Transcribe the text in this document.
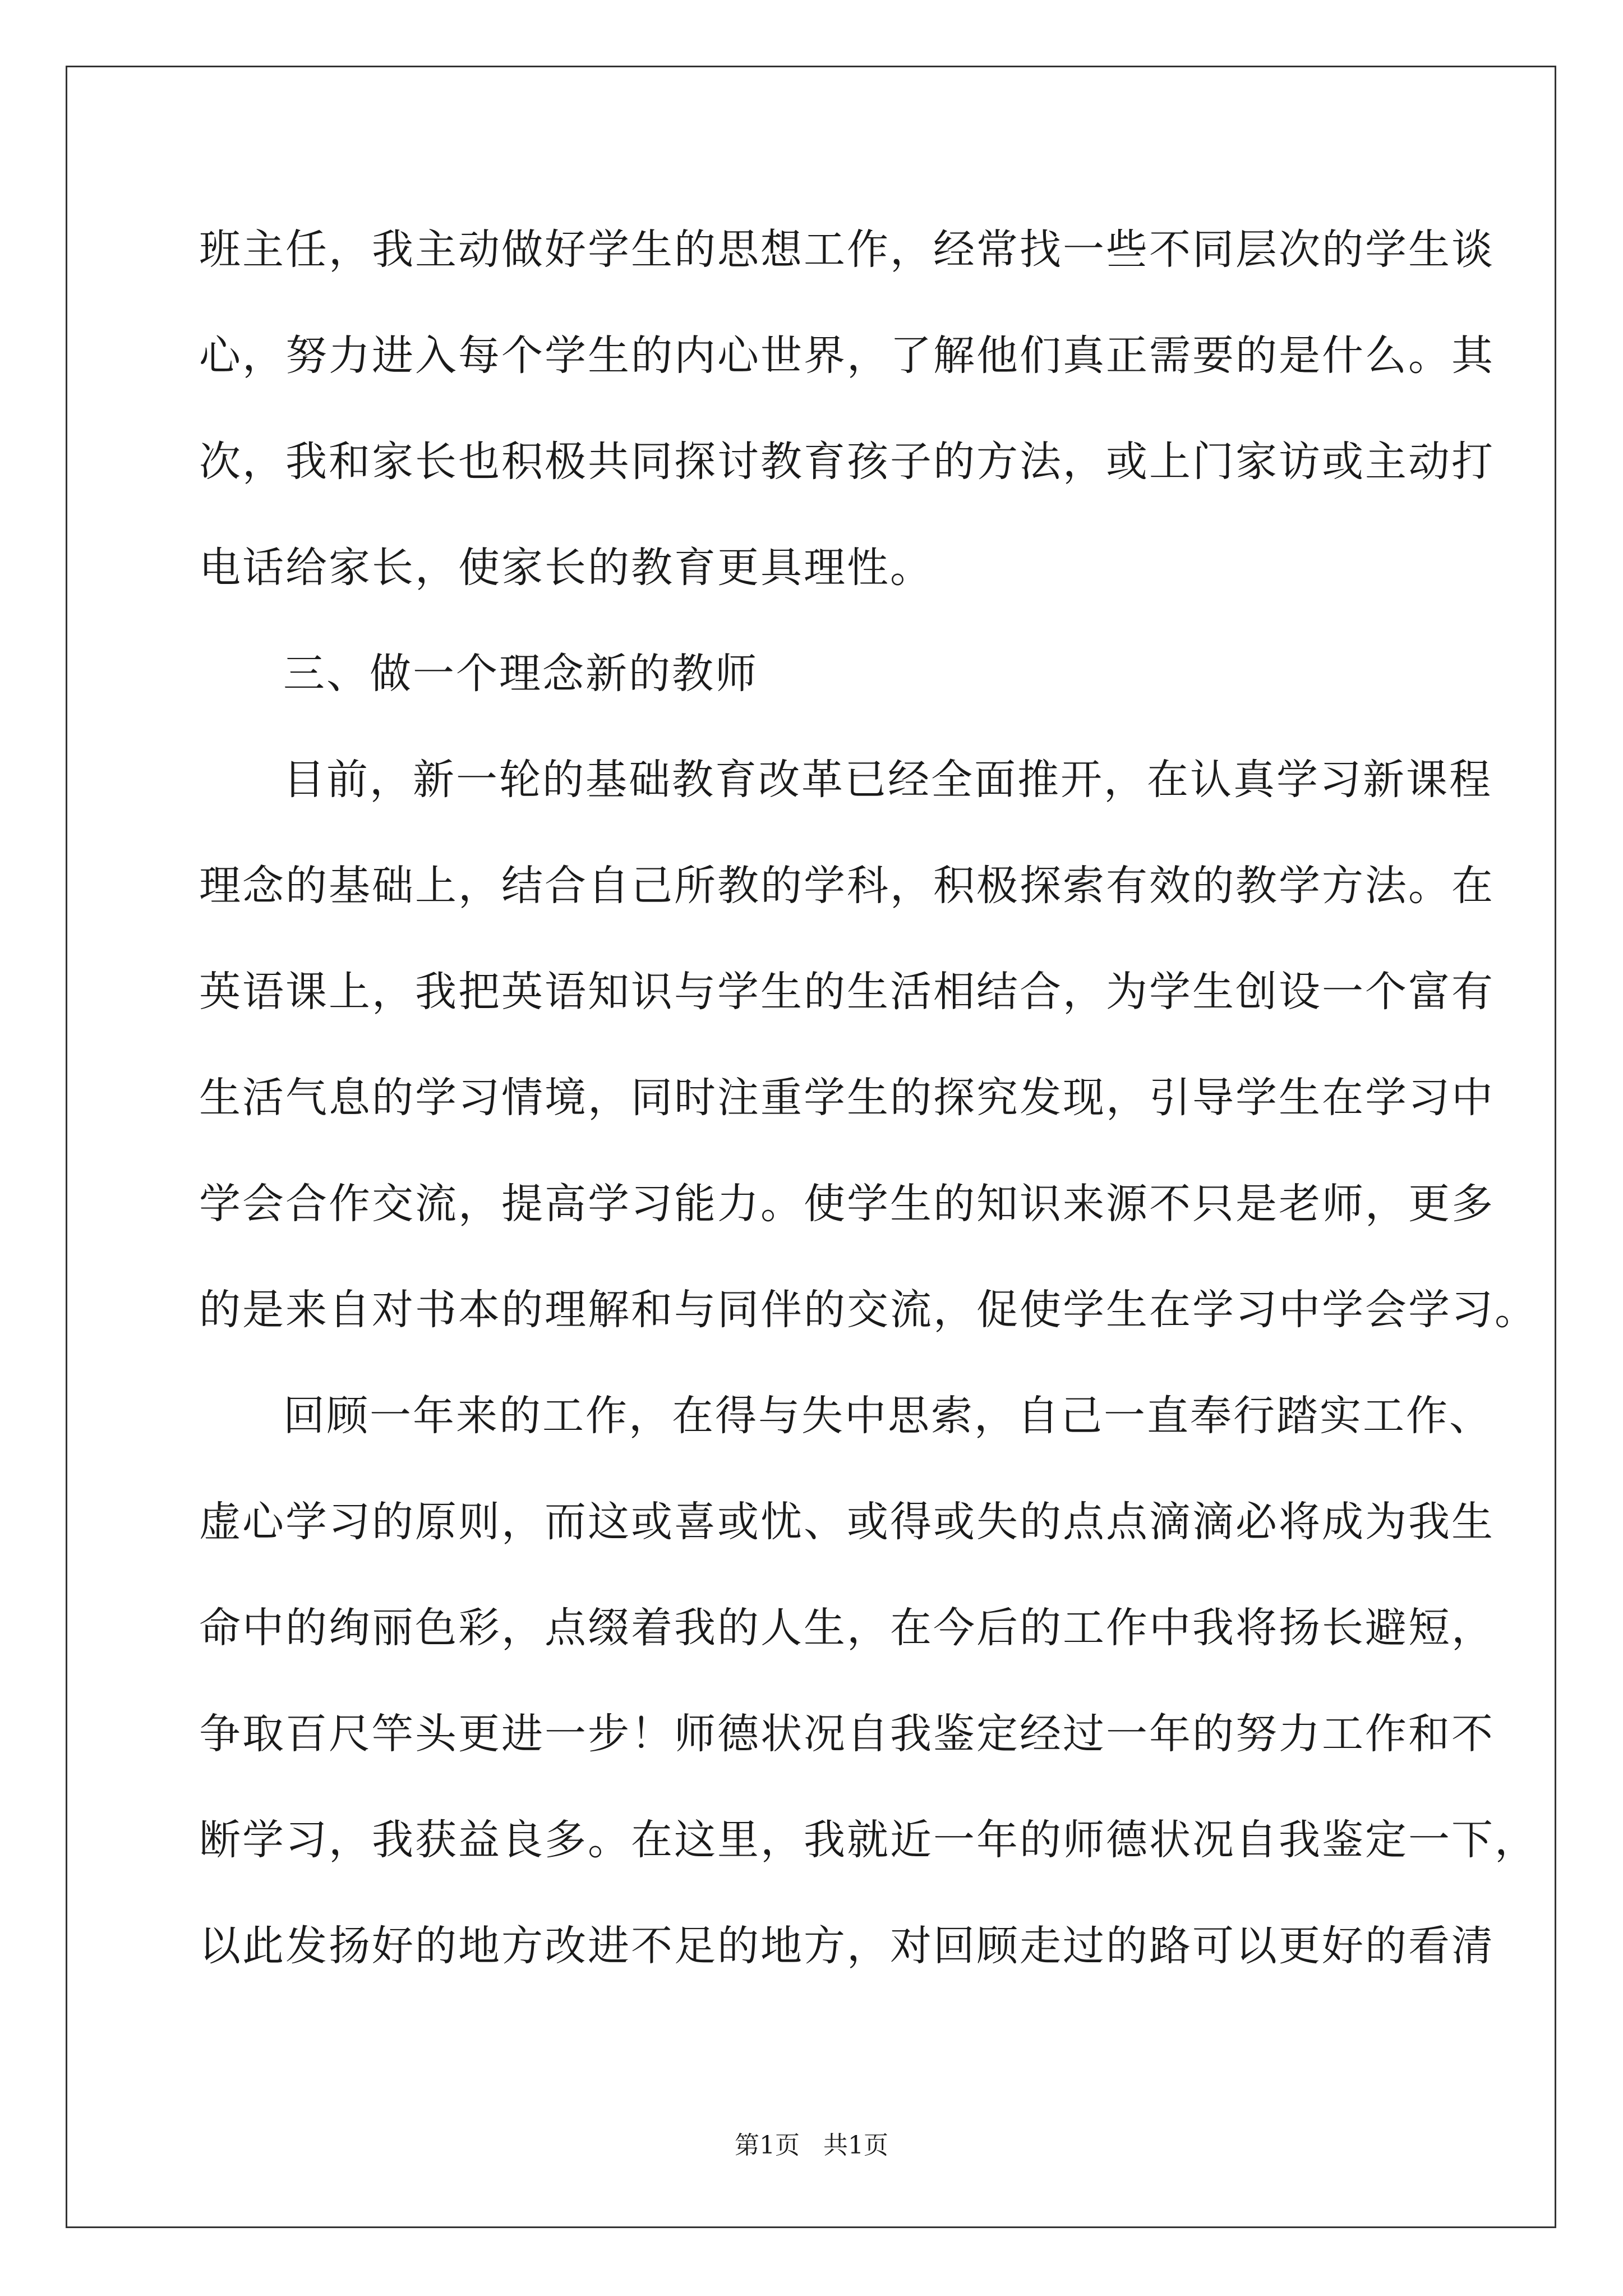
班主任，我主动做好学生的思想工作，经常找一些不同层次的学生谈
心，努力进入每个学生的内心世界，了解他们真正需要的是什么。其
次，我和家长也积极共同探讨教育孩子的方法，或上门家访或主动打
电话给家长，使家长的教育更具理性。
三、做一个理念新的教师
目前，新一轮的基础教育改革已经全面推开，在认真学习新课程
理念的基础上，结合自己所教的学科，积极探索有效的教学方法。在
英语课上，我把英语知识与学生的生活相结合，为学生创设一个富有
生活气息的学习情境，同时注重学生的探究发现，引导学生在学习中
学会合作交流，提高学习能力。使学生的知识来源不只是老师，更多
的是来自对书本的理解和与同伴的交流，促使学生在学习中学会学习。
回顾一年来的工作，在得与失中思索，自己一直奉行踏实工作、
虚心学习的原则，而这或喜或忧、或得或失的点点滴滴必将成为我生
命中的绚丽色彩，点缀着我的人生，在今后的工作中我将扬长避短，
争取百尺竿头更进一步！师德状况自我鉴定经过一年的努力工作和不
断学习，我获益良多。在这里，我就近一年的师德状况自我鉴定一下，
以此发扬好的地方改进不足的地方，对回顾走过的路可以更好的看清
第1页   共1页
